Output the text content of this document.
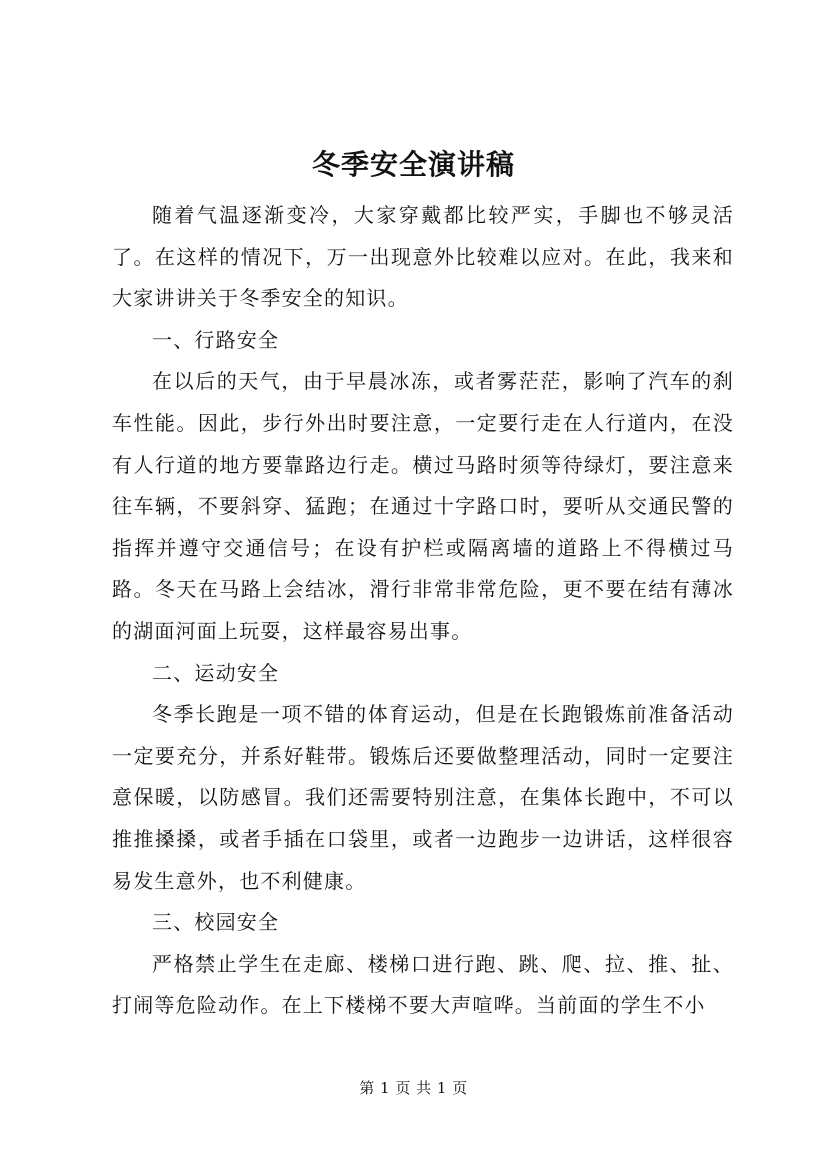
冬季安全演讲稿

随着气温逐渐变冷，大家穿戴都比较严实，手脚也不够灵活了。在这样的情况下，万一出现意外比较难以应对。在此，我来和大家讲讲关于冬季安全的知识。

一、行路安全

在以后的天气，由于早晨冰冻，或者雾茫茫，影响了汽车的刹车性能。因此，步行外出时要注意，一定要行走在人行道内，在没有人行道的地方要靠路边行走。横过马路时须等待绿灯，要注意来往车辆，不要斜穿、猛跑；在通过十字路口时，要听从交通民警的指挥并遵守交通信号；在设有护栏或隔离墙的道路上不得横过马路。冬天在马路上会结冰，滑行非常非常危险，更不要在结有薄冰的湖面河面上玩耍，这样最容易出事。

二、运动安全

冬季长跑是一项不错的体育运动，但是在长跑锻炼前准备活动一定要充分，并系好鞋带。锻炼后还要做整理活动，同时一定要注意保暖，以防感冒。我们还需要特别注意，在集体长跑中，不可以推推搡搡，或者手插在口袋里，或者一边跑步一边讲话，这样很容易发生意外，也不利健康。

三、校园安全

严格禁止学生在走廊、楼梯口进行跑、跳、爬、拉、推、扯、打闹等危险动作。在上下楼梯不要大声喧哗。当前面的学生不小

第 1 页 共 1 页
